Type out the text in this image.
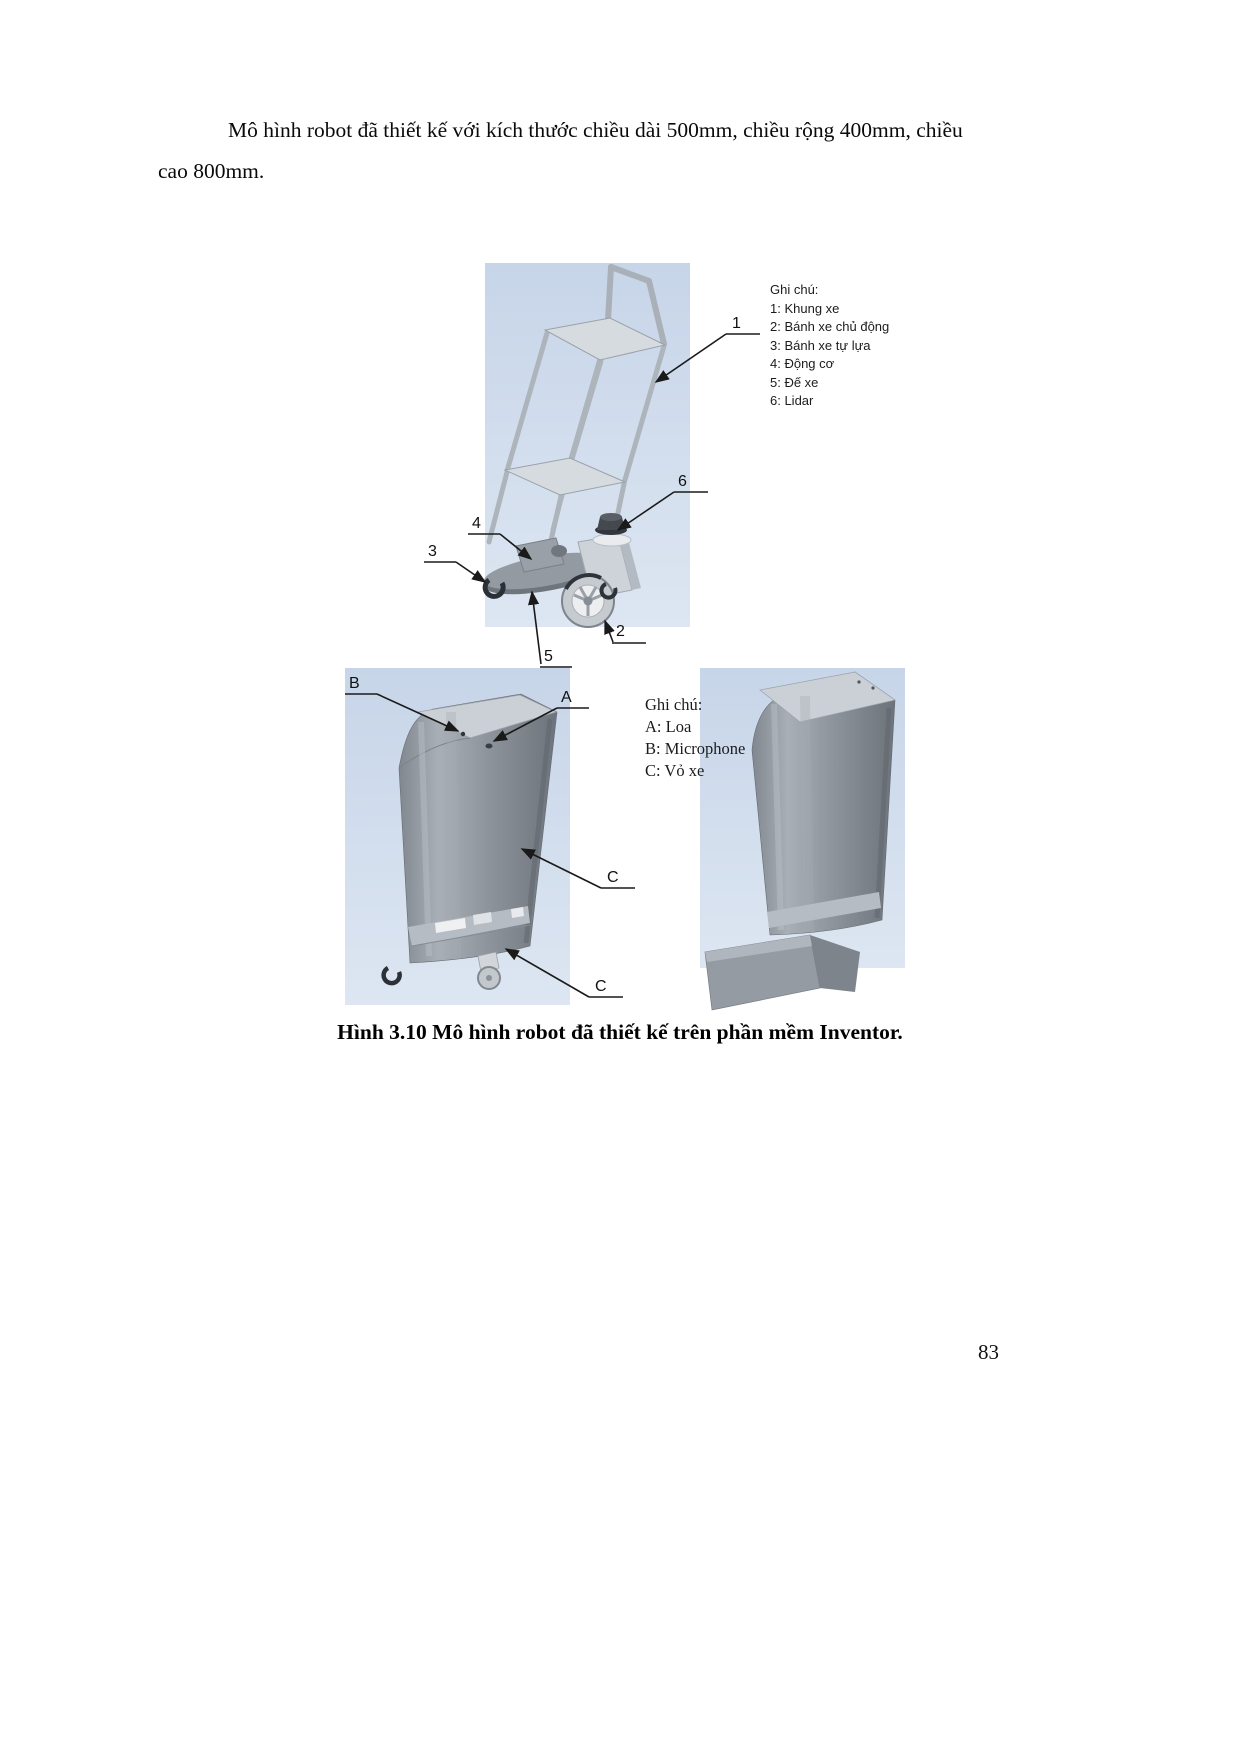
Mô hình robot đã thiết kế với kích thước chiều dài 500mm, chiều rộng 400mm, chiều cao 800mm.

1
6
4
3
5
2
Ghi chú:
1: Khung xe
2: Bánh xe chủ động
3: Bánh xe tự lựa
4: Động cơ
5: Đế xe
6: Lidar
B
A
C
C
Ghi chú:
A: Loa
B: Microphone
C: Vỏ xe
Hình 3.10 Mô hình robot đã thiết kế trên phần mềm Inventor.
83
